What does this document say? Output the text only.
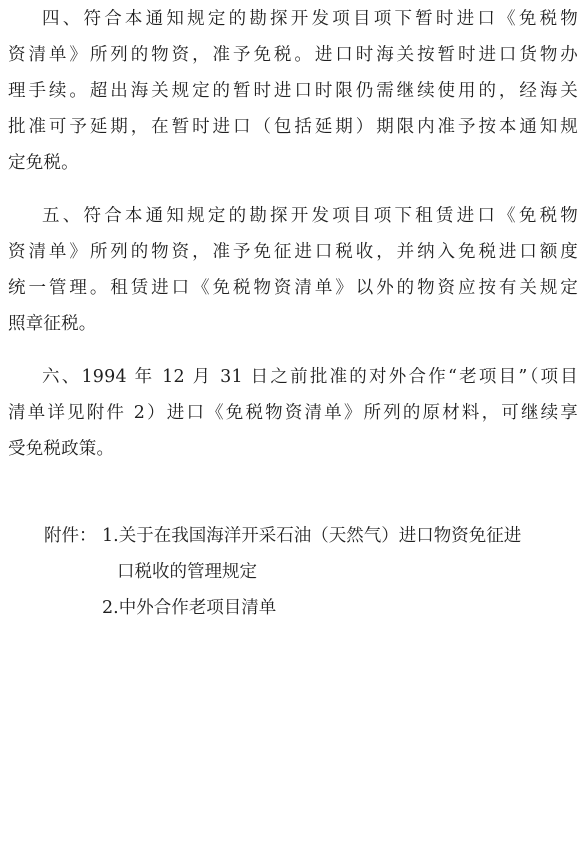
四、符合本通知规定的勘探开发项目项下暂时进口《免税物
资清单》所列的物资，准予免税。进口时海关按暂时进口货物办
理手续。超出海关规定的暂时进口时限仍需继续使用的，经海关
批准可予延期，在暂时进口（包括延期）期限内准予按本通知规
定免税。
五、符合本通知规定的勘探开发项目项下租赁进口《免税物
资清单》所列的物资，准予免征进口税收，并纳入免税进口额度
统一管理。租赁进口《免税物资清单》以外的物资应按有关规定
照章征税。
六、1994 年 12 月 31 日之前批准的对外合作“老项目”（项目
清单详见附件 2）进口《免税物资清单》所列的原材料，可继续享
受免税政策。
附件： 1.关于在我国海洋开采石油（天然气）进口物资免征进
口税收的管理规定
2.中外合作老项目清单
